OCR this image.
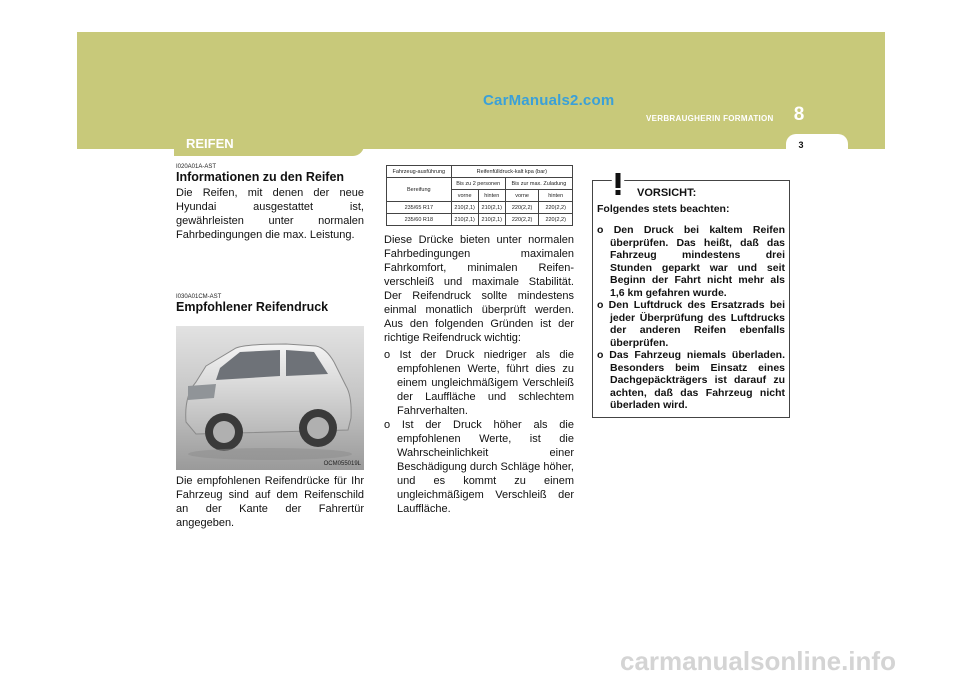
CarManuals2.com
VERBRAUGHERIN FORMATION	8
3
REIFEN
I020A01A-AST
Informationen zu den Reifen

Die Reifen, mit denen der neue Hyundai ausgestattet ist, gewährleisten unter normalen Fahrbedingungen die max. Leistung.

I030A01CM-AST
Empfohlener Reifendruck
OCM055019L

Die empfohlenen Reifendrücke für Ihr Fahrzeug sind auf dem Reifenschild an der Kante der Fahrertür angegeben.

Fahrzeug-ausführung	Reifenfülldruck-kalt kpa (bar)			
Bereifung	Bis zu 2 personen		Bis zur max. Zuladung	
	vorne	hinten	vorne	hinten
235/65 R17	210(2,1)	210(2,1)	220(2,2)	220(2,2)
235/60 R18	210(2,1)	210(2,1)	220(2,2)	220(2,2)

Diese Drücke bieten unter normalen Fahrbedingungen maximalen Fahrkomfort, minimalen Reifen-verschleiß und maximale Stabilität. Der Reifendruck sollte mindestens einmal monatlich überprüft werden. Aus den folgenden Gründen ist der richtige Reifendruck wichtig:

o Ist der Druck niedriger als die empfohlenen Werte, führt dies zu einem ungleichmäßigem Verschleiß der Lauffläche und schlechtem Fahrverhalten.
o Ist der Druck höher als die empfohlenen Werte, ist die Wahrscheinlichkeit einer Beschädigung durch Schläge höher, und es kommt zu einem ungleichmäßigem Verschleiß der Lauffläche.
VORSICHT:
Folgendes stets beachten:
o Den Druck bei kaltem Reifen überprüfen. Das heißt, daß das Fahrzeug mindestens drei Stunden geparkt war und seit Beginn der Fahrt nicht mehr als 1,6 km gefahren wurde.
o Den Luftdruck des Ersatzrads bei jeder Überprüfung des Luftdrucks der anderen Reifen ebenfalls überprüfen.
o Das Fahrzeug niemals überladen. Besonders beim Einsatz eines Dachgepäckträgers ist darauf zu achten, daß das Fahrzeug nicht überladen wird.
carmanualsonline.info
